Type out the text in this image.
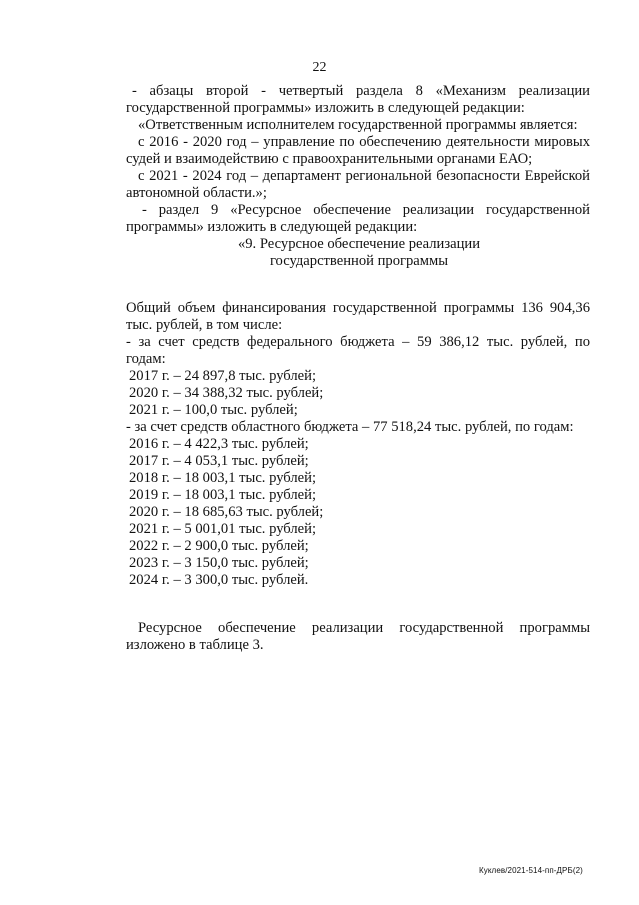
22

- абзацы второй - четвертый раздела 8 «Механизм реализации государственной программы» изложить в следующей редакции:

«Ответственным исполнителем государственной программы является:

с 2016 - 2020 год – управление по обеспечению деятельности мировых судей и взаимодействию с правоохранительными органами ЕАО;

с 2021 - 2024 год – департамент региональной безопасности Еврейской автономной области.»;

- раздел 9 «Ресурсное обеспечение реализации государственной программы» изложить в следующей редакции:

«9. Ресурсное обеспечение реализации

государственной программы

Общий объем финансирования государственной программы 136 904,36 тыс. рублей, в том числе:

- за счет средств федерального бюджета – 59 386,12 тыс. рублей, по годам:

2017 г. – 24 897,8 тыс. рублей;

2020 г. – 34 388,32 тыс. рублей;

2021 г. – 100,0 тыс. рублей;

- за счет средств областного бюджета – 77 518,24 тыс. рублей, по годам:

2016 г. – 4 422,3 тыс. рублей;

2017 г. – 4 053,1 тыс. рублей;

2018 г. – 18 003,1 тыс. рублей;

2019 г. – 18 003,1 тыс. рублей;

2020 г. – 18 685,63 тыс. рублей;

2021 г. – 5 001,01 тыс. рублей;

2022 г. – 2 900,0 тыс. рублей;

2023 г. – 3 150,0 тыс. рублей;

2024 г. – 3 300,0 тыс. рублей.

Ресурсное обеспечение реализации государственной программы изложено в таблице 3.

Куклев/2021-514-пп-ДРБ(2)
